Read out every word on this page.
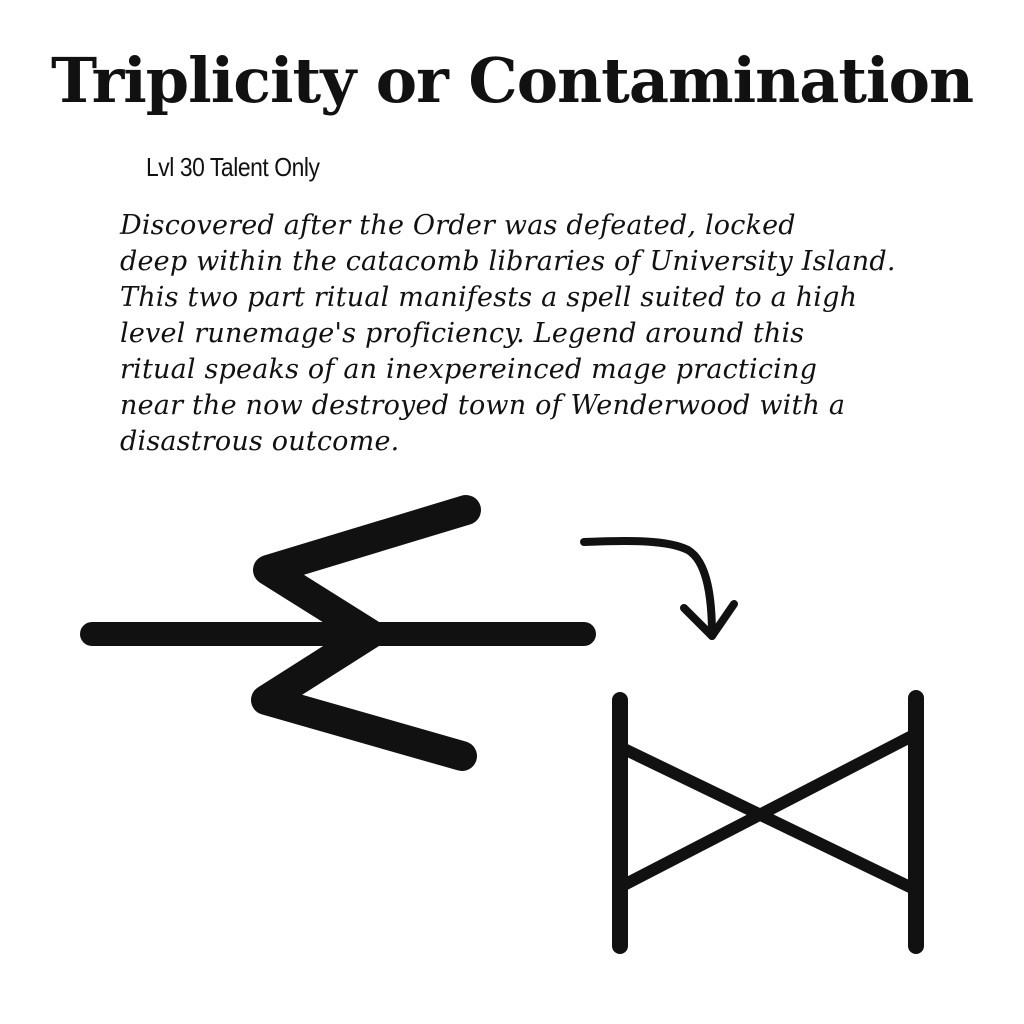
Triplicity or Contamination

Lvl 30 Talent Only

Discovered after the Order was defeated, locked
deep within the catacomb libraries of University Island.
This two part ritual manifests a spell suited to a high
level runemage's proficiency. Legend around this
ritual speaks of an inexpereinced mage practicing
near the now destroyed town of Wenderwood with a
disastrous outcome.
